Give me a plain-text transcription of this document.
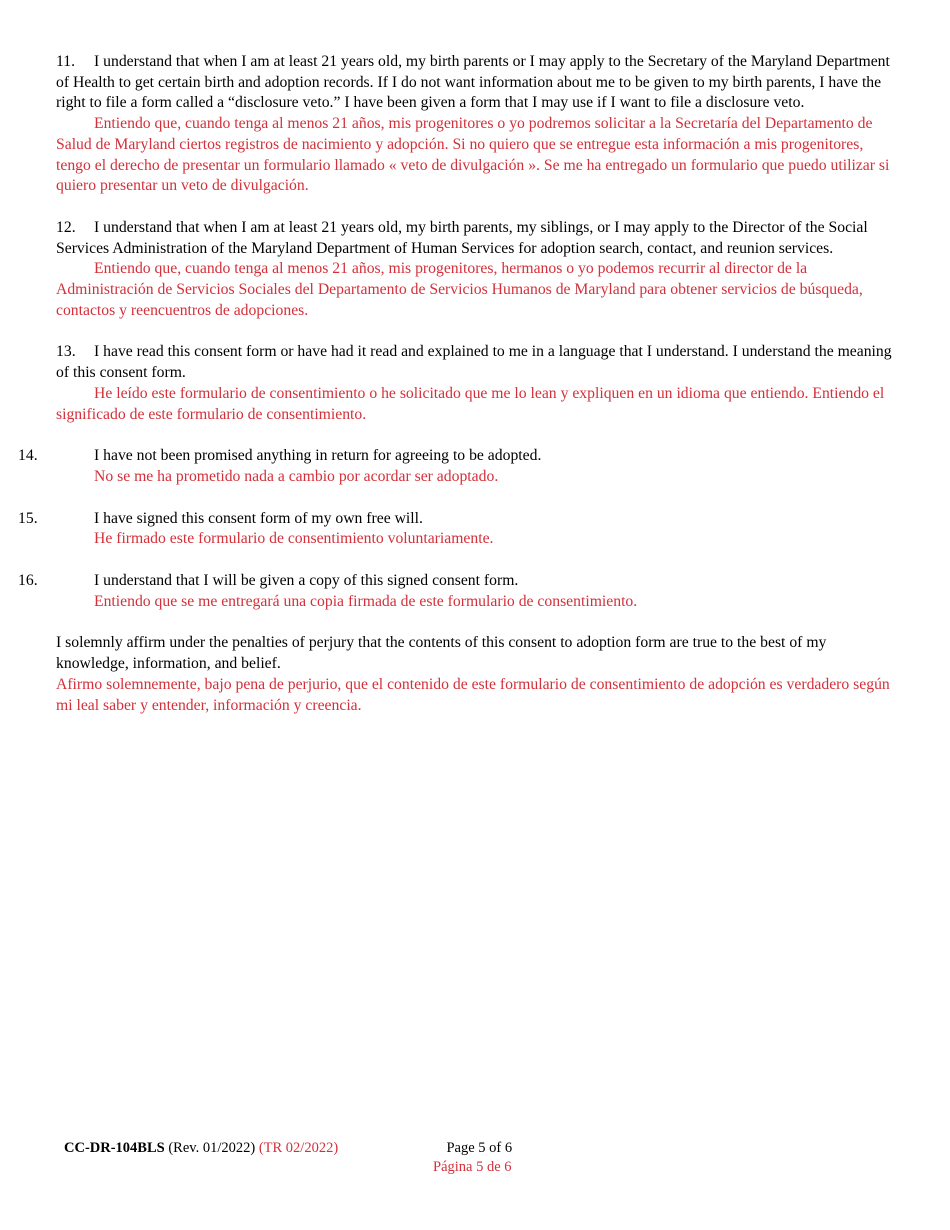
11. I understand that when I am at least 21 years old, my birth parents or I may apply to the Secretary of the Maryland Department of Health to get certain birth and adoption records. If I do not want information about me to be given to my birth parents, I have the right to file a form called a “disclosure veto.” I have been given a form that I may use if I want to file a disclosure veto.

Entiendo que, cuando tenga al menos 21 años, mis progenitores o yo podremos solicitar a la Secretaría del Departamento de Salud de Maryland ciertos registros de nacimiento y adopción. Si no quiero que se entregue esta información a mis progenitores, tengo el derecho de presentar un formulario llamado « veto de divulgación ». Se me ha entregado un formulario que puedo utilizar si quiero presentar un veto de divulgación.

12. I understand that when I am at least 21 years old, my birth parents, my siblings, or I may apply to the Director of the Social Services Administration of the Maryland Department of Human Services for adoption search, contact, and reunion services.

Entiendo que, cuando tenga al menos 21 años, mis progenitores, hermanos o yo podemos recurrir al director de la Administración de Servicios Sociales del Departamento de Servicios Humanos de Maryland para obtener servicios de búsqueda, contactos y reencuentros de adopciones.

13. I have read this consent form or have had it read and explained to me in a language that I understand. I understand the meaning of this consent form.

He leído este formulario de consentimiento o he solicitado que me lo lean y expliquen en un idioma que entiendo. Entiendo el significado de este formulario de consentimiento.

14.	I have not been promised anything in return for agreeing to be adopted.

No se me ha prometido nada a cambio por acordar ser adoptado.

15.	I have signed this consent form of my own free will.

He firmado este formulario de consentimiento voluntariamente.

16.	I understand that I will be given a copy of this signed consent form.

Entiendo que se me entregará una copia firmada de este formulario de consentimiento.

I solemnly affirm under the penalties of perjury that the contents of this consent to adoption form are true to the best of my knowledge, information, and belief.

Afirmo solemnemente, bajo pena de perjurio, que el contenido de este formulario de consentimiento de adopción es verdadero según mi leal saber y entender, información y creencia.

CC-DR-104BLS (Rev. 01/2022) (TR 02/2022)	Page 5 of 6
Página 5 de 6
